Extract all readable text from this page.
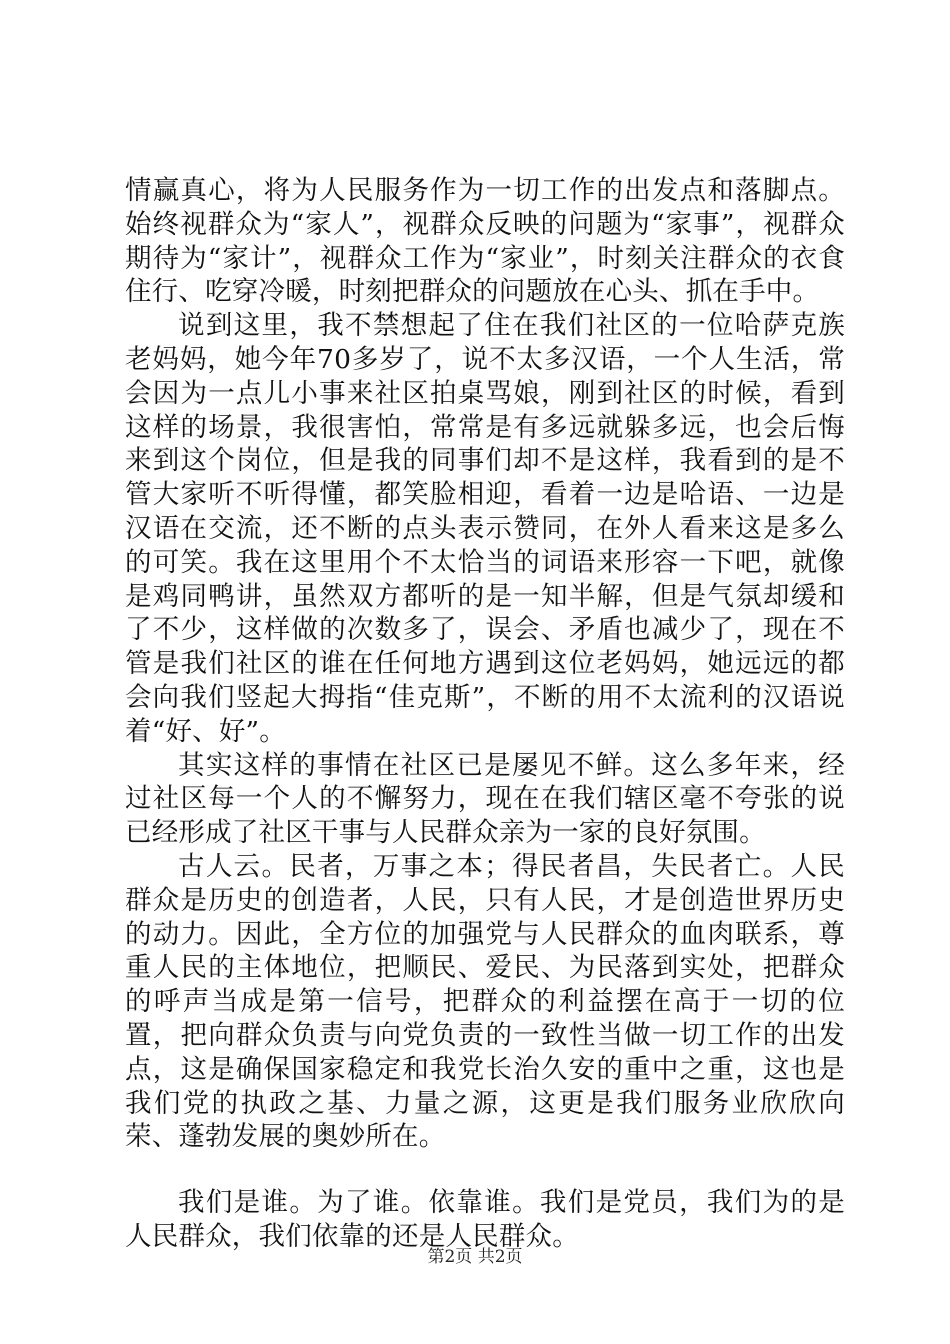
情赢真心，将为人民服务作为一切工作的出发点和落脚点。始终视群众为“家人”，视群众反映的问题为“家事”，视群众期待为“家计”，视群众工作为“家业”，时刻关注群众的衣食住行、吃穿冷暖，时刻把群众的问题放在心头、抓在手中。

说到这里，我不禁想起了住在我们社区的一位哈萨克族老妈妈，她今年70多岁了，说不太多汉语，一个人生活，常会因为一点儿小事来社区拍桌骂娘，刚到社区的时候，看到这样的场景，我很害怕，常常是有多远就躲多远，也会后悔来到这个岗位，但是我的同事们却不是这样，我看到的是不管大家听不听得懂，都笑脸相迎，看着一边是哈语、一边是汉语在交流，还不断的点头表示赞同，在外人看来这是多么的可笑。我在这里用个不太恰当的词语来形容一下吧，就像是鸡同鸭讲，虽然双方都听的是一知半解，但是气氛却缓和了不少，这样做的次数多了，误会、矛盾也减少了，现在不管是我们社区的谁在任何地方遇到这位老妈妈，她远远的都会向我们竖起大拇指“佳克斯”，不断的用不太流利的汉语说着“好、好”。

其实这样的事情在社区已是屡见不鲜。这么多年来，经过社区每一个人的不懈努力，现在在我们辖区毫不夸张的说已经形成了社区干事与人民群众亲为一家的良好氛围。

古人云。民者，万事之本；得民者昌，失民者亡。人民群众是历史的创造者，人民，只有人民，才是创造世界历史的动力。因此，全方位的加强党与人民群众的血肉联系，尊重人民的主体地位，把顺民、爱民、为民落到实处，把群众的呼声当成是第一信号，把群众的利益摆在高于一切的位置，把向群众负责与向党负责的一致性当做一切工作的出发点，这是确保国家稳定和我党长治久安的重中之重，这也是我们党的执政之基、力量之源，这更是我们服务业欣欣向荣、蓬勃发展的奥妙所在。

我们是谁。为了谁。依靠谁。我们是党员，我们为的是人民群众，我们依靠的还是人民群众。

第2页 共2页
